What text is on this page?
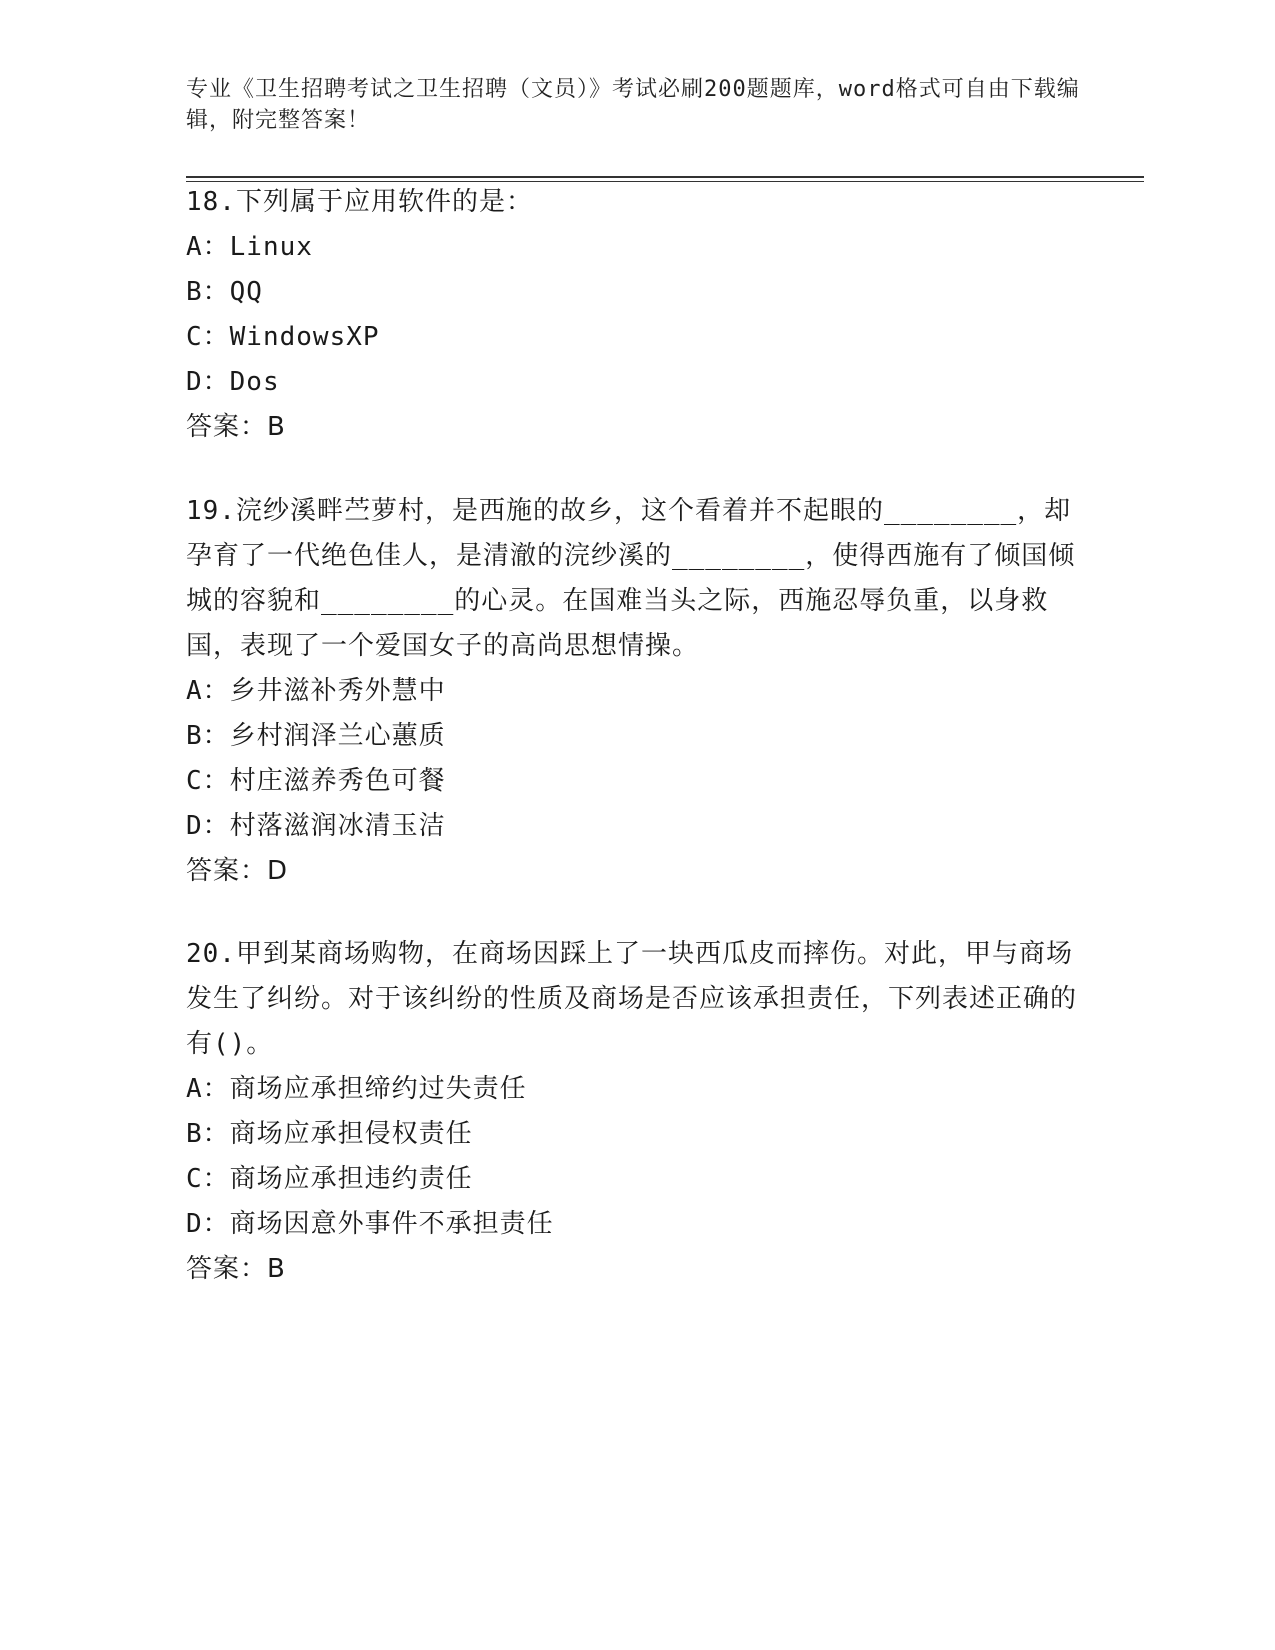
专业《卫生招聘考试之卫生招聘（文员）》考试必刷200题题库，word格式可自由下载编辑，附完整答案！

18.下列属于应用软件的是：

A：Linux

B：QQ

C：WindowsXP

D：Dos

答案：B

19.浣纱溪畔苎萝村，是西施的故乡，这个看着并不起眼的________，却孕育了一代绝色佳人，是清澈的浣纱溪的________，使得西施有了倾国倾城的容貌和________的心灵。在国难当头之际，西施忍辱负重，以身救国，表现了一个爱国女子的高尚思想情操。

A：乡井滋补秀外慧中

B：乡村润泽兰心蕙质

C：村庄滋养秀色可餐

D：村落滋润冰清玉洁

答案：D

20.甲到某商场购物，在商场因踩上了一块西瓜皮而摔伤。对此，甲与商场发生了纠纷。对于该纠纷的性质及商场是否应该承担责任，下列表述正确的有()。

A：商场应承担缔约过失责任

B：商场应承担侵权责任

C：商场应承担违约责任

D：商场因意外事件不承担责任

答案：B
